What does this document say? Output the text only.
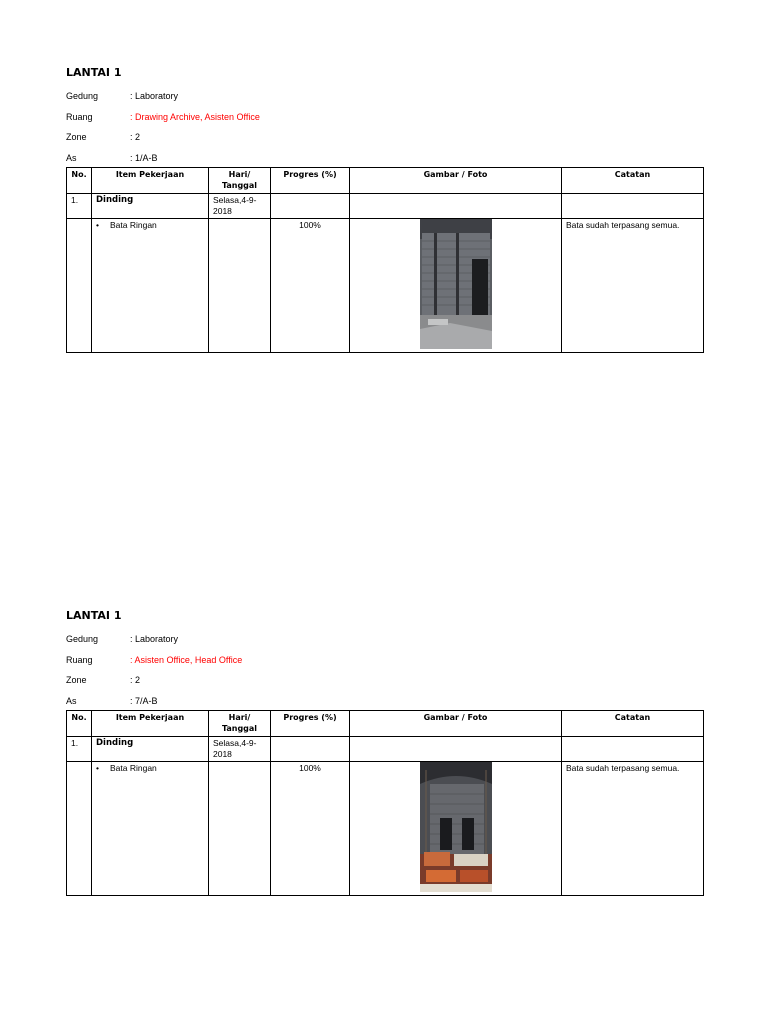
LANTAI 1
Gedung	: Laboratory
Ruang	: Drawing Archive, Asisten Office
Zone	: 2
As	: 1/A-B
No.	Item Pekerjaan	Hari/ Tanggal	Progres (%)	Gambar / Foto	Catatan
1.	Dinding	Selasa,4-9-2018			
	• Bata Ringan		100%		Bata sudah terpasang semua.
LANTAI 1
Gedung	: Laboratory
Ruang	: Asisten Office, Head Office
Zone	: 2
As	: 7/A-B
No.	Item Pekerjaan	Hari/ Tanggal	Progres (%)	Gambar / Foto	Catatan
1.	Dinding	Selasa,4-9-2018			
	• Bata Ringan		100%		Bata sudah terpasang semua.
